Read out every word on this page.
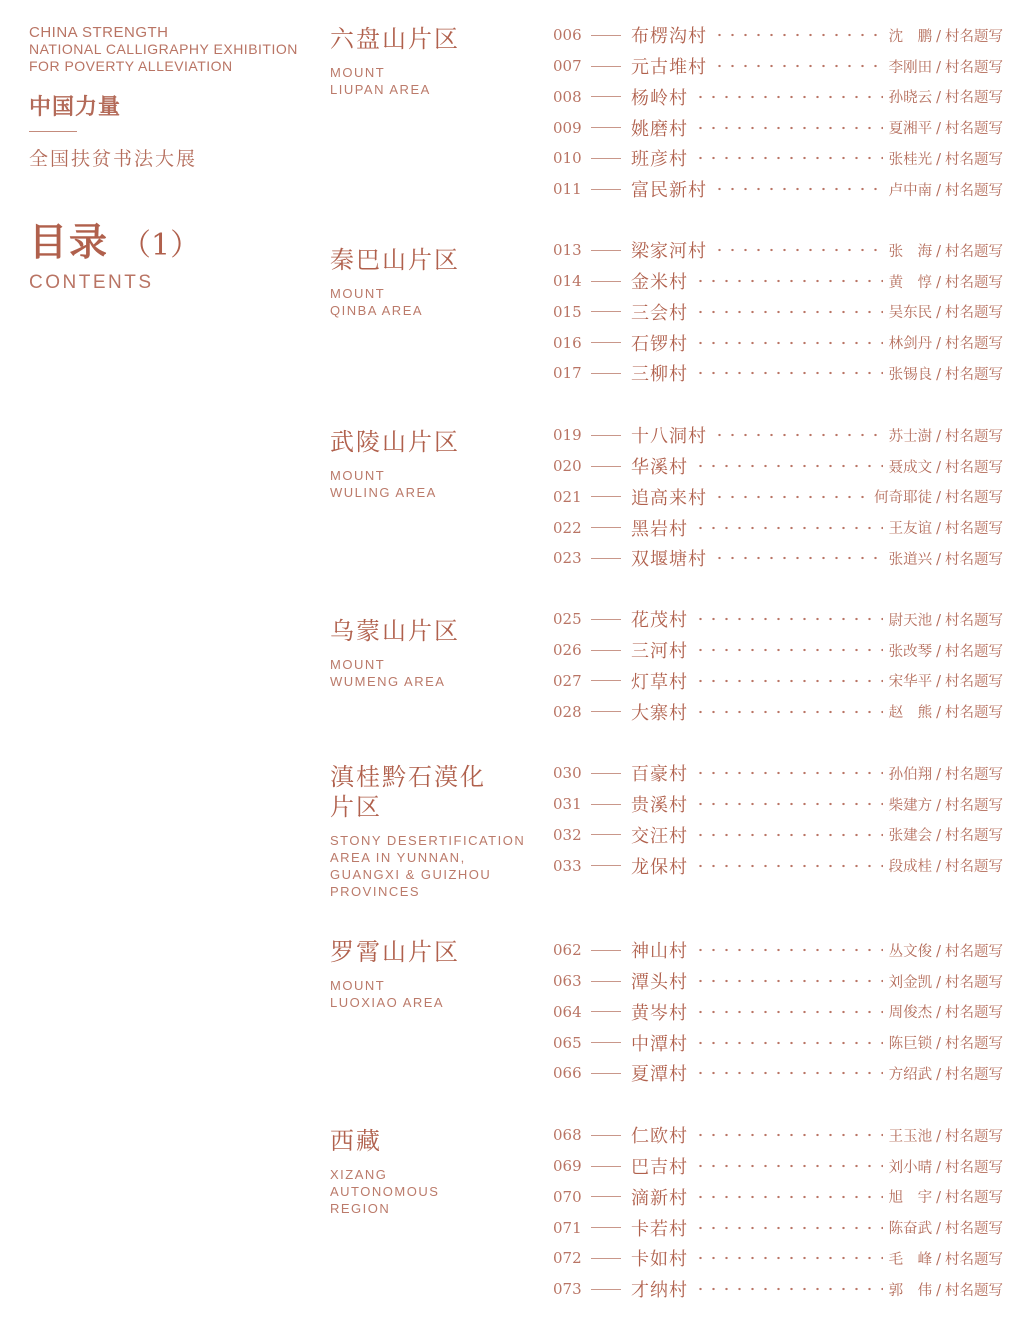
CHINA STRENGTH
NATIONAL CALLIGRAPHY EXHIBITION
FOR POVERTY ALLEVIATION
中国力量
全国扶贫书法大展
目录 （1）
CONTENTS
六盘山片区
MOUNT
LIUPAN AREA
006	布楞沟村	沈　鹏 / 村名题写
007	元古堆村	李刚田 / 村名题写
008	杨岭村	孙晓云 / 村名题写
009	姚磨村	夏湘平 / 村名题写
010	班彦村	张桂光 / 村名题写
011	富民新村	卢中南 / 村名题写
秦巴山片区
MOUNT
QINBA AREA
013	梁家河村	张　海 / 村名题写
014	金米村	黄　惇 / 村名题写
015	三会村	吴东民 / 村名题写
016	石锣村	林剑丹 / 村名题写
017	三柳村	张锡良 / 村名题写
武陵山片区
MOUNT
WULING AREA
019	十八洞村	苏士澍 / 村名题写
020	华溪村	聂成文 / 村名题写
021	追高来村	何奇耶徒 / 村名题写
022	黑岩村	王友谊 / 村名题写
023	双堰塘村	张道兴 / 村名题写
乌蒙山片区
MOUNT
WUMENG AREA
025	花茂村	尉天池 / 村名题写
026	三河村	张改琴 / 村名题写
027	灯草村	宋华平 / 村名题写
028	大寨村	赵　熊 / 村名题写
滇桂黔石漠化
片区
STONY DESERTIFICATION
AREA IN YUNNAN,
GUANGXI & GUIZHOU
PROVINCES
030	百豪村	孙伯翔 / 村名题写
031	贵溪村	柴建方 / 村名题写
032	交汪村	张建会 / 村名题写
033	龙保村	段成桂 / 村名题写
罗霄山片区
MOUNT
LUOXIAO AREA
062	神山村	丛文俊 / 村名题写
063	潭头村	刘金凯 / 村名题写
064	黄岑村	周俊杰 / 村名题写
065	中潭村	陈巨锁 / 村名题写
066	夏潭村	方绍武 / 村名题写
西藏
XIZANG
AUTONOMOUS
REGION
068	仁欧村	王玉池 / 村名题写
069	巴吉村	刘小晴 / 村名题写
070	滴新村	旭　宇 / 村名题写
071	卡若村	陈奋武 / 村名题写
072	卡如村	毛　峰 / 村名题写
073	才纳村	郭　伟 / 村名题写
